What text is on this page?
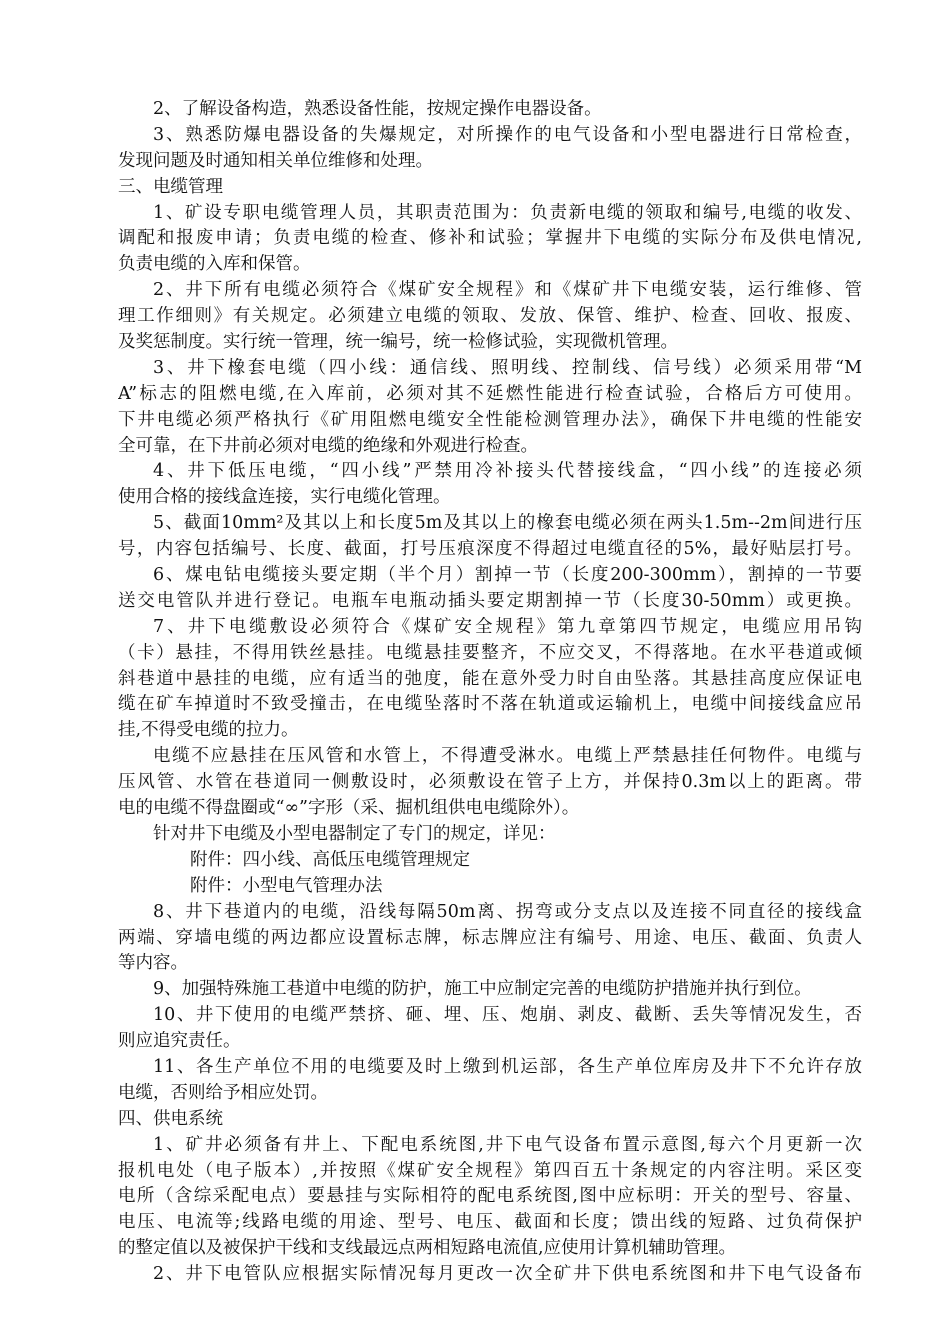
2、了解设备构造，熟悉设备性能，按规定操作电器设备。
3、熟悉防爆电器设备的失爆规定，对所操作的电气设备和小型电器进行日常检查，
发现问题及时通知相关单位维修和处理。
三、电缆管理
1、矿设专职电缆管理人员，其职责范围为：负责新电缆的领取和编号,电缆的收发、
调配和报废申请；负责电缆的检查、修补和试验；掌握井下电缆的实际分布及供电情况,
负责电缆的入库和保管。
2、井下所有电缆必须符合《煤矿安全规程》和《煤矿井下电缆安装，运行维修、管
理工作细则》有关规定。必须建立电缆的领取、发放、保管、维护、检查、回收、报废、
及奖惩制度。实行统一管理，统一编号，统一检修试验，实现微机管理。
3、井下橡套电缆（四小线：通信线、照明线、控制线、信号线）必须采用带“M
A”标志的阻燃电缆,在入库前，必须对其不延燃性能进行检查试验，合格后方可使用。
下井电缆必须严格执行《矿用阻燃电缆安全性能检测管理办法》，确保下井电缆的性能安
全可靠，在下井前必须对电缆的绝缘和外观进行检查。
4、井下低压电缆，“四小线”严禁用冷补接头代替接线盒，“四小线”的连接必须
使用合格的接线盒连接，实行电缆化管理。
5、截面10mm²及其以上和长度5m及其以上的橡套电缆必须在两头1.5m--2m间进行压
号，内容包括编号、长度、截面，打号压痕深度不得超过电缆直径的5%，最好贴层打号。
6、煤电钻电缆接头要定期（半个月）割掉一节（长度200-300mm），割掉的一节要
送交电管队并进行登记。电瓶车电瓶动插头要定期割掉一节（长度30-50mm）或更换。
7、井下电缆敷设必须符合《煤矿安全规程》第九章第四节规定，电缆应用吊钩
（卡）悬挂，不得用铁丝悬挂。电缆悬挂要整齐，不应交叉，不得落地。在水平巷道或倾
斜巷道中悬挂的电缆，应有适当的弛度，能在意外受力时自由坠落。其悬挂高度应保证电
缆在矿车掉道时不致受撞击，在电缆坠落时不落在轨道或运输机上，电缆中间接线盒应吊
挂,不得受电缆的拉力。
电缆不应悬挂在压风管和水管上，不得遭受淋水。电缆上严禁悬挂任何物件。电缆与
压风管、水管在巷道同一侧敷设时，必须敷设在管子上方，并保持0.3m以上的距离。带
电的电缆不得盘圈或“∞”字形（采、掘机组供电电缆除外）。
针对井下电缆及小型电器制定了专门的规定，详见：
附件：四小线、高低压电缆管理规定
附件：小型电气管理办法
8、井下巷道内的电缆，沿线每隔50m离、拐弯或分支点以及连接不同直径的接线盒
两端、穿墙电缆的两边都应设置标志牌，标志牌应注有编号、用途、电压、截面、负责人
等内容。
9、加强特殊施工巷道中电缆的防护，施工中应制定完善的电缆防护措施并执行到位。
10、井下使用的电缆严禁挤、砸、埋、压、炮崩、剥皮、截断、丢失等情况发生，否
则应追究责任。
11、各生产单位不用的电缆要及时上缴到机运部，各生产单位库房及井下不允许存放
电缆，否则给予相应处罚。
四、供电系统
1、矿井必须备有井上、下配电系统图,井下电气设备布置示意图,每六个月更新一次
报机电处（电子版本）,并按照《煤矿安全规程》第四百五十条规定的内容注明。采区变
电所（含综采配电点）要悬挂与实际相符的配电系统图,图中应标明：开关的型号、容量、
电压、电流等;线路电缆的用途、型号、电压、截面和长度；馈出线的短路、过负荷保护
的整定值以及被保护干线和支线最远点两相短路电流值,应使用计算机辅助管理。
2、井下电管队应根据实际情况每月更改一次全矿井下供电系统图和井下电气设备布
